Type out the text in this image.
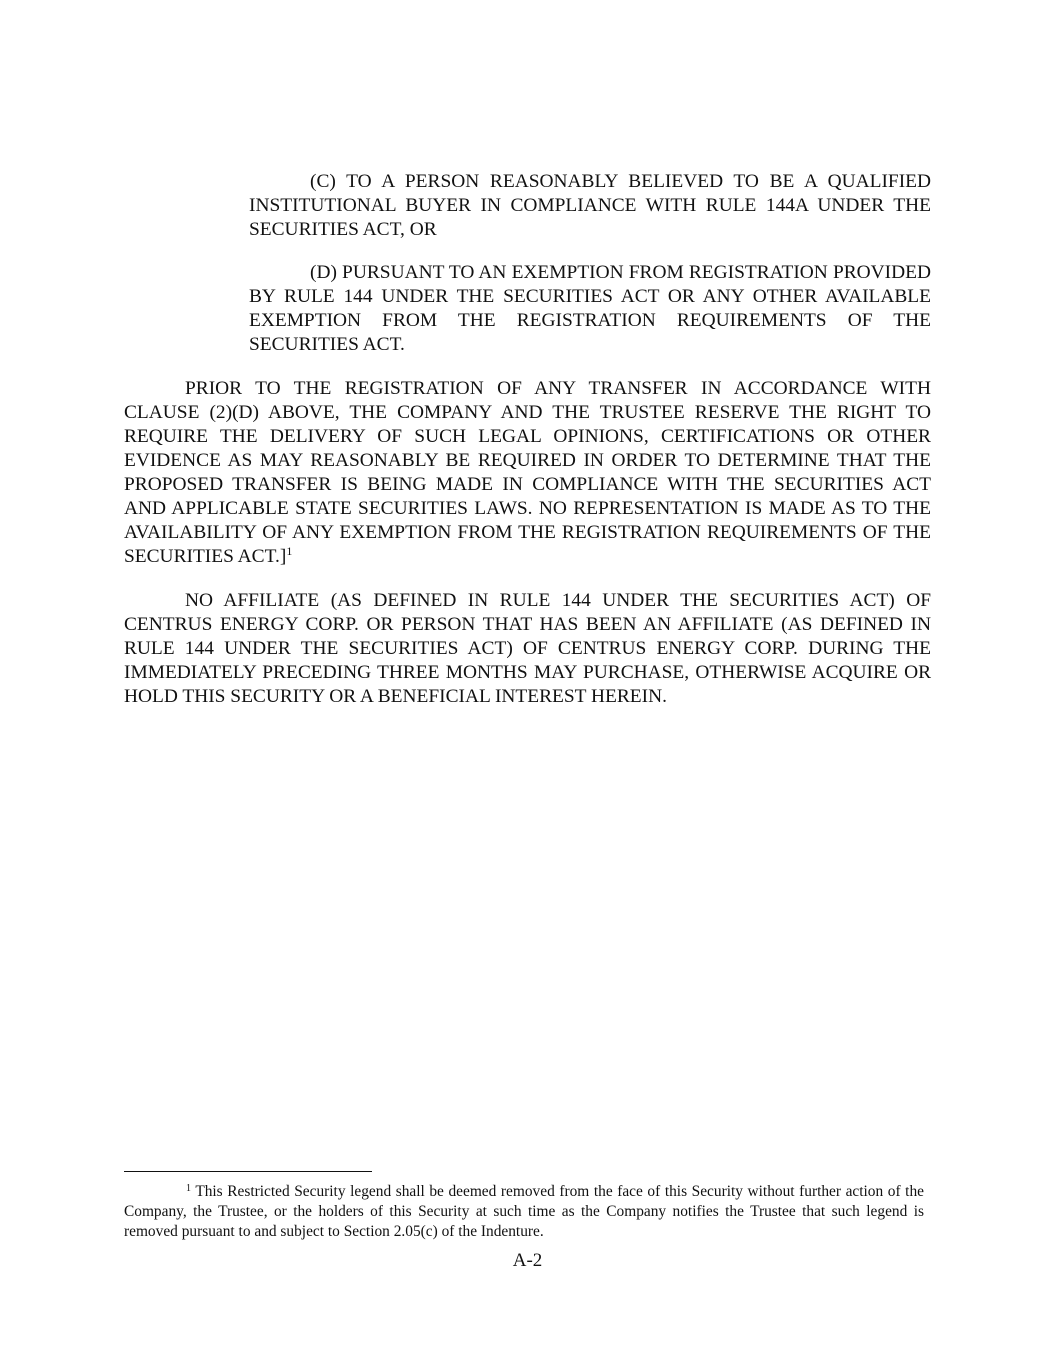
(C) TO A PERSON REASONABLY BELIEVED TO BE A QUALIFIED INSTITUTIONAL BUYER IN COMPLIANCE WITH RULE 144A UNDER THE SECURITIES ACT, OR

(D) PURSUANT TO AN EXEMPTION FROM REGISTRATION PROVIDED BY RULE 144 UNDER THE SECURITIES ACT OR ANY OTHER AVAILABLE EXEMPTION FROM THE REGISTRATION REQUIREMENTS OF THE SECURITIES ACT.

PRIOR TO THE REGISTRATION OF ANY TRANSFER IN ACCORDANCE WITH CLAUSE (2)(D) ABOVE, THE COMPANY AND THE TRUSTEE RESERVE THE RIGHT TO REQUIRE THE DELIVERY OF SUCH LEGAL OPINIONS, CERTIFICATIONS OR OTHER EVIDENCE AS MAY REASONABLY BE REQUIRED IN ORDER TO DETERMINE THAT THE PROPOSED TRANSFER IS BEING MADE IN COMPLIANCE WITH THE SECURITIES ACT AND APPLICABLE STATE SECURITIES LAWS. NO REPRESENTATION IS MADE AS TO THE AVAILABILITY OF ANY EXEMPTION FROM THE REGISTRATION REQUIREMENTS OF THE SECURITIES ACT.]$^1$

NO AFFILIATE (AS DEFINED IN RULE 144 UNDER THE SECURITIES ACT) OF CENTRUS ENERGY CORP. OR PERSON THAT HAS BEEN AN AFFILIATE (AS DEFINED IN RULE 144 UNDER THE SECURITIES ACT) OF CENTRUS ENERGY CORP. DURING THE IMMEDIATELY PRECEDING THREE MONTHS MAY PURCHASE, OTHERWISE ACQUIRE OR HOLD THIS SECURITY OR A BENEFICIAL INTEREST HEREIN.

$^1$ This Restricted Security legend shall be deemed removed from the face of this Security without further action of the Company, the Trustee, or the holders of this Security at such time as the Company notifies the Trustee that such legend is removed pursuant to and subject to Section 2.05(c) of the Indenture.

A-2
